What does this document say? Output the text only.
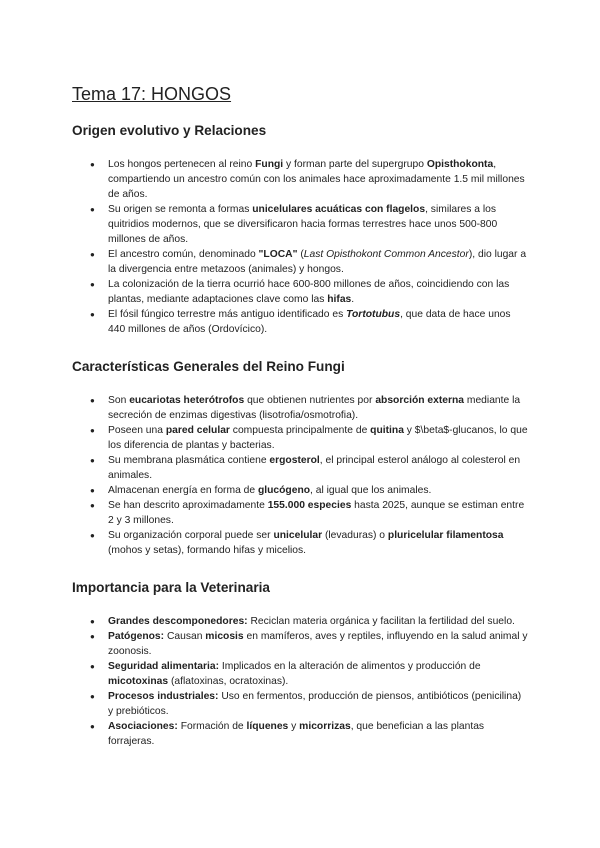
Tema 17: HONGOS
Origen evolutivo y Relaciones
● Los hongos pertenecen al reino Fungi y forman parte del supergrupo Opisthokonta, compartiendo un ancestro común con los animales hace aproximadamente 1.5 mil millones de años.
● Su origen se remonta a formas unicelulares acuáticas con flagelos, similares a los quitridios modernos, que se diversificaron hacia formas terrestres hace unos 500-800 millones de años.
● El ancestro común, denominado "LOCA" (Last Opisthokont Common Ancestor), dio lugar a la divergencia entre metazoos (animales) y hongos.
● La colonización de la tierra ocurrió hace 600-800 millones de años, coincidiendo con las plantas, mediante adaptaciones clave como las hifas.
● El fósil fúngico terrestre más antiguo identificado es Tortotubus, que data de hace unos 440 millones de años (Ordovícico).
Características Generales del Reino Fungi
● Son eucariotas heterótrofos que obtienen nutrientes por absorción externa mediante la secreción de enzimas digestivas (lisotrofia/osmotrofia).
● Poseen una pared celular compuesta principalmente de quitina y $\beta$-glucanos, lo que los diferencia de plantas y bacterias.
● Su membrana plasmática contiene ergosterol, el principal esterol análogo al colesterol en animales.
● Almacenan energía en forma de glucógeno, al igual que los animales.
● Se han descrito aproximadamente 155.000 especies hasta 2025, aunque se estiman entre 2 y 3 millones.
● Su organización corporal puede ser unicelular (levaduras) o pluricelular filamentosa (mohos y setas), formando hifas y micelios.
Importancia para la Veterinaria
● Grandes descomponedores: Reciclan materia orgánica y facilitan la fertilidad del suelo.
● Patógenos: Causan micosis en mamíferos, aves y reptiles, influyendo en la salud animal y zoonosis.
● Seguridad alimentaria: Implicados en la alteración de alimentos y producción de micotoxinas (aflatoxinas, ocratoxinas).
● Procesos industriales: Uso en fermentos, producción de piensos, antibióticos (penicilina) y prebióticos.
● Asociaciones: Formación de líquenes y micorrizas, que benefician a las plantas forrajeras.
